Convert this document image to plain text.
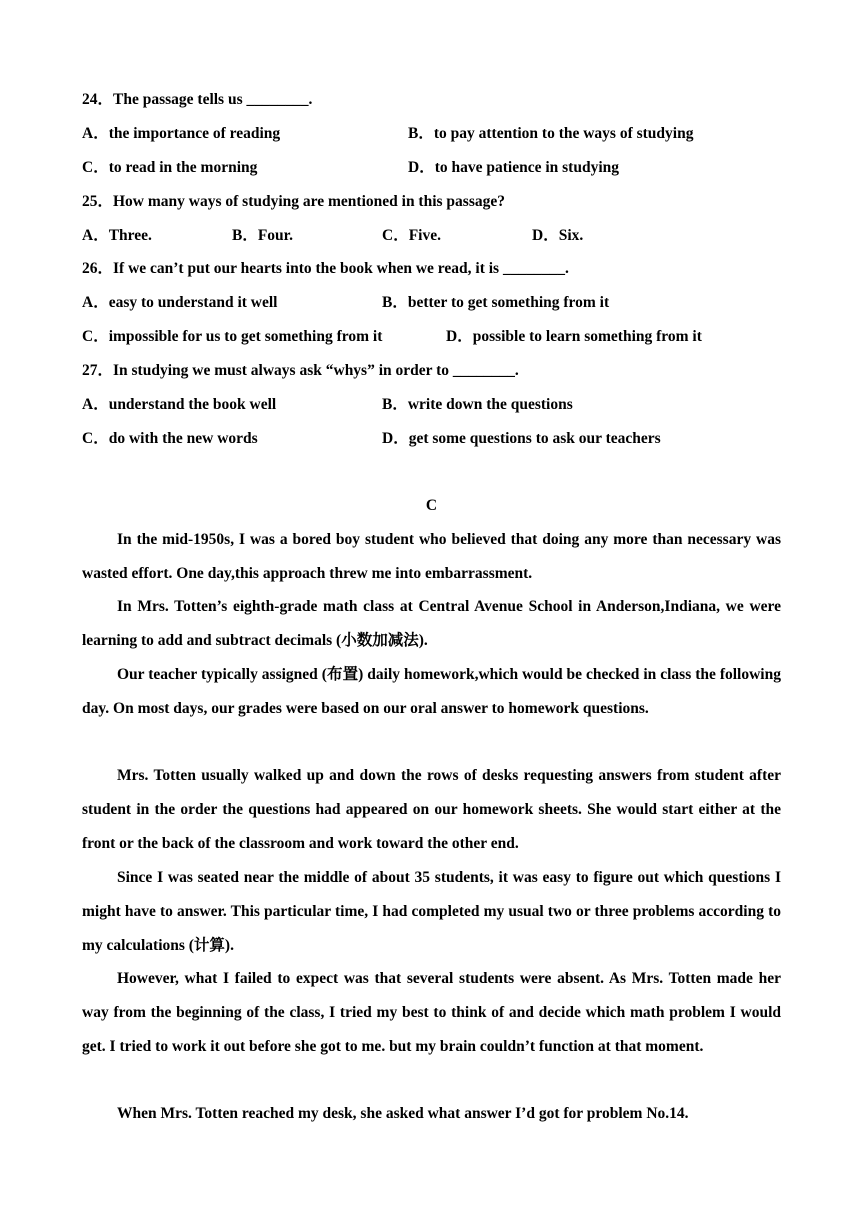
24．The passage tells us ________.
A．the importance of reading	B．to pay attention to the ways of studying
C．to read in the morning	D．to have patience in studying
25．How many ways of studying are mentioned in this passage?
A．Three.	B．Four.	C．Five.	D．Six.
26．If we can’t put our hearts into the book when we read, it is ________.
A．easy to understand it well	B．better to get something from it
C．impossible for us to get something from it	D．possible to learn something from it
27．In studying we must always ask “whys” in order to ________.
A．understand the book well	B．write down the questions
C．do with the new words	D．get some questions to ask our teachers
C

In the mid-1950s, I was a bored boy student who believed that doing any more than necessary was wasted effort. One day,this approach threw me into embarrassment.

In Mrs. Totten’s eighth-grade math class at Central Avenue School in Anderson,Indiana, we were learning to add and subtract decimals (小数加减法).

Our teacher typically assigned (布置) daily homework,which would be checked in class the following day. On most days, our grades were based on our oral answer to homework questions.

Mrs. Totten usually walked up and down the rows of desks requesting answers from student after student in the order the questions had appeared on our homework sheets. She would start either at the front or the back of the classroom and work toward the other end.

Since I was seated near the middle of about 35 students, it was easy to figure out which questions I might have to answer. This particular time, I had completed my usual two or three problems according to my calculations (计算).

However, what I failed to expect was that several students were absent. As Mrs. Totten made her way from the beginning of the class, I tried my best to think of and decide which math problem I would get. I tried to work it out before she got to me. but my brain couldn’t function at that moment.

When Mrs. Totten reached my desk, she asked what answer I’d got for problem No.14.
